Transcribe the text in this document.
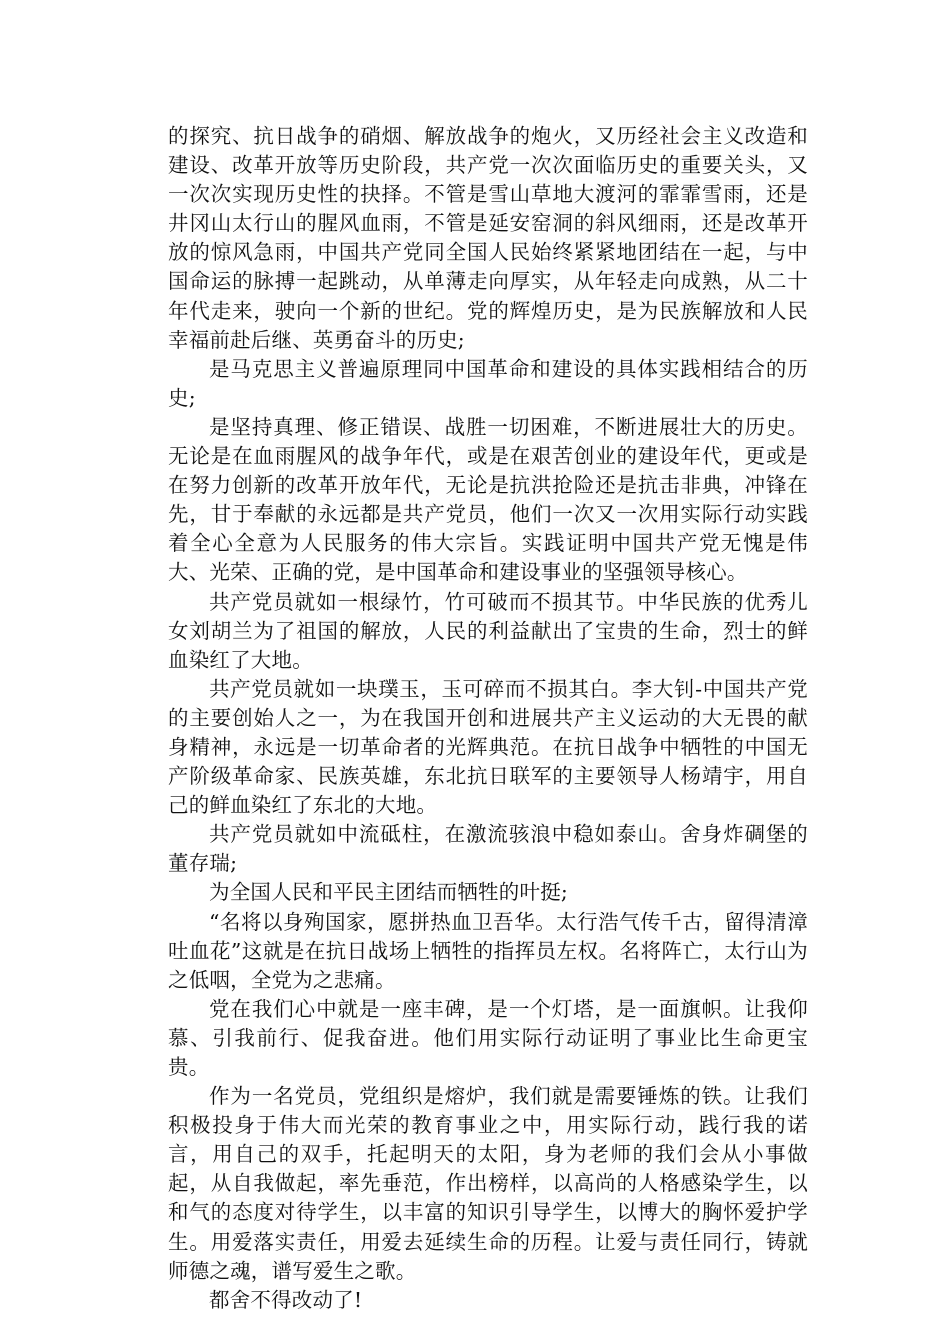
的探究、抗日战争的硝烟、解放战争的炮火，又历经社会主义改造和建设、改革开放等历史阶段，共产党一次次面临历史的重要关头，又一次次实现历史性的抉择。不管是雪山草地大渡河的霏霏雪雨，还是井冈山太行山的腥风血雨，不管是延安窑洞的斜风细雨，还是改革开放的惊风急雨，中国共产党同全国人民始终紧紧地团结在一起，与中国命运的脉搏一起跳动，从单薄走向厚实，从年轻走向成熟，从二十年代走来，驶向一个新的世纪。党的辉煌历史，是为民族解放和人民幸福前赴后继、英勇奋斗的历史;

是马克思主义普遍原理同中国革命和建设的具体实践相结合的历史;

是坚持真理、修正错误、战胜一切困难，不断进展壮大的历史。无论是在血雨腥风的战争年代，或是在艰苦创业的建设年代，更或是在努力创新的改革开放年代，无论是抗洪抢险还是抗击非典，冲锋在先，甘于奉献的永远都是共产党员，他们一次又一次用实际行动实践着全心全意为人民服务的伟大宗旨。实践证明中国共产党无愧是伟大、光荣、正确的党，是中国革命和建设事业的坚强领导核心。

共产党员就如一根绿竹，竹可破而不损其节。中华民族的优秀儿女刘胡兰为了祖国的解放，人民的利益献出了宝贵的生命，烈士的鲜血染红了大地。

共产党员就如一块璞玉，玉可碎而不损其白。李大钊-中国共产党的主要创始人之一，为在我国开创和进展共产主义运动的大无畏的献身精神，永远是一切革命者的光辉典范。在抗日战争中牺牲的中国无产阶级革命家、民族英雄，东北抗日联军的主要领导人杨靖宇，用自己的鲜血染红了东北的大地。

共产党员就如中流砥柱，在激流骇浪中稳如泰山。舍身炸碉堡的董存瑞;

为全国人民和平民主团结而牺牲的叶挺;

“名将以身殉国家，愿拼热血卫吾华。太行浩气传千古，留得清漳吐血花”这就是在抗日战场上牺牲的指挥员左权。名将阵亡，太行山为之低咽，全党为之悲痛。

党在我们心中就是一座丰碑，是一个灯塔，是一面旗帜。让我仰慕、引我前行、促我奋进。他们用实际行动证明了事业比生命更宝贵。

作为一名党员，党组织是熔炉，我们就是需要锤炼的铁。让我们积极投身于伟大而光荣的教育事业之中，用实际行动，践行我的诺言，用自己的双手，托起明天的太阳，身为老师的我们会从小事做起，从自我做起，率先垂范，作出榜样，以高尚的人格感染学生，以和气的态度对待学生，以丰富的知识引导学生，以博大的胸怀爱护学生。用爱落实责任，用爱去延续生命的历程。让爱与责任同行，铸就师德之魂，谱写爱生之歌。

都舍不得改动了!
